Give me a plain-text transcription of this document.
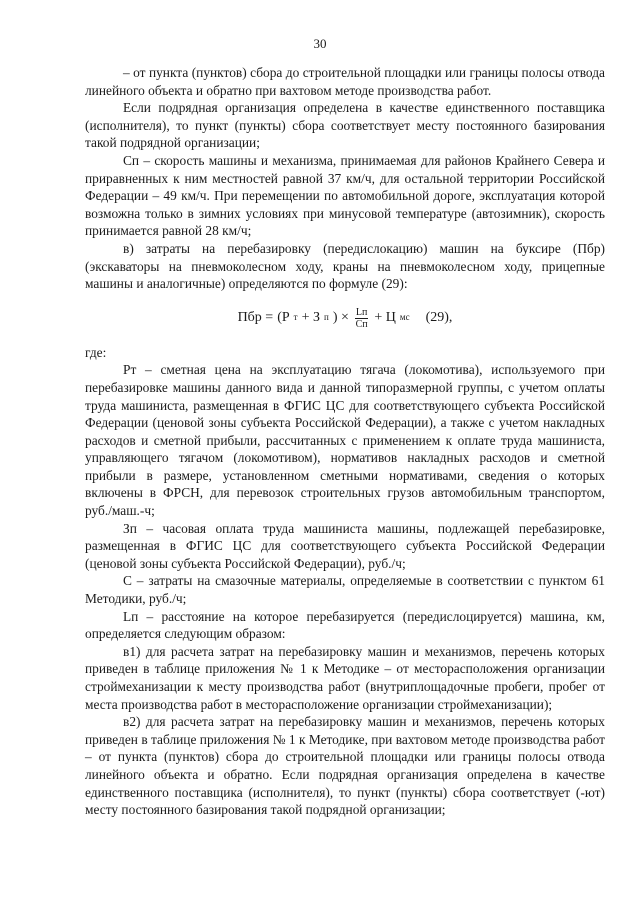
30

– от пункта (пунктов) сбора до строительной площадки или границы полосы отвода линейного объекта и обратно при вахтовом методе производства работ.

Если подрядная организация определена в качестве единственного поставщика (исполнителя), то пункт (пункты) сбора соответствует месту постоянного базирования такой подрядной организации;

Сп – скорость машины и механизма, принимаемая для районов Крайнего Севера и приравненных к ним местностей равной 37 км/ч, для остальной территории Российской Федерации – 49 км/ч. При перемещении по автомобильной дороге, эксплуатация которой возможна только в зимних условиях при минусовой температуре (автозимник), скорость принимается равной 28 км/ч;

в) затраты на перебазировку (передислокацию) машин на буксире (Пбр) (экскаваторы на пневмоколесном ходу, краны на пневмоколесном ходу, прицепные машины и аналогичные) определяются по формуле (29):

Пбр = (Р т + З п ) × $\frac{Lп}{Сп} + Ц$ мс (29),

где:

Рт – сметная цена на эксплуатацию тягача (локомотива), используемого при перебазировке машины данного вида и данной типоразмерной группы, с учетом оплаты труда машиниста, размещенная в ФГИС ЦС для соответствующего субъекта Российской Федерации (ценовой зоны субъекта Российской Федерации), а также с учетом накладных расходов и сметной прибыли, рассчитанных с применением к оплате труда машиниста, управляющего тягачом (локомотивом), нормативов накладных расходов и сметной прибыли в размере, установленном сметными нормативами, сведения о которых включены в ФРСН, для перевозок строительных грузов автомобильным транспортом, руб./маш.-ч;

Зп – часовая оплата труда машиниста машины, подлежащей перебазировке, размещенная в ФГИС ЦС для соответствующего субъекта Российской Федерации (ценовой зоны субъекта Российской Федерации), руб./ч;

С – затраты на смазочные материалы, определяемые в соответствии с пунктом 61 Методики, руб./ч;

Lп – расстояние на которое перебазируется (передислоцируется) машина, км, определяется следующим образом:

в1) для расчета затрат на перебазировку машин и механизмов, перечень которых приведен в таблице приложения № 1 к Методике – от месторасположения организации строймеханизации к месту производства работ (внутриплощадочные пробеги, пробег от места производства работ в месторасположение организации строймеханизации);

в2) для расчета затрат на перебазировку машин и механизмов, перечень которых приведен в таблице приложения № 1 к Методике, при вахтовом методе производства работ – от пункта (пунктов) сбора до строительной площадки или границы полосы отвода линейного объекта и обратно. Если подрядная организация определена в качестве единственного поставщика (исполнителя), то пункт (пункты) сбора соответствует (-ют) месту постоянного базирования такой подрядной организации;
